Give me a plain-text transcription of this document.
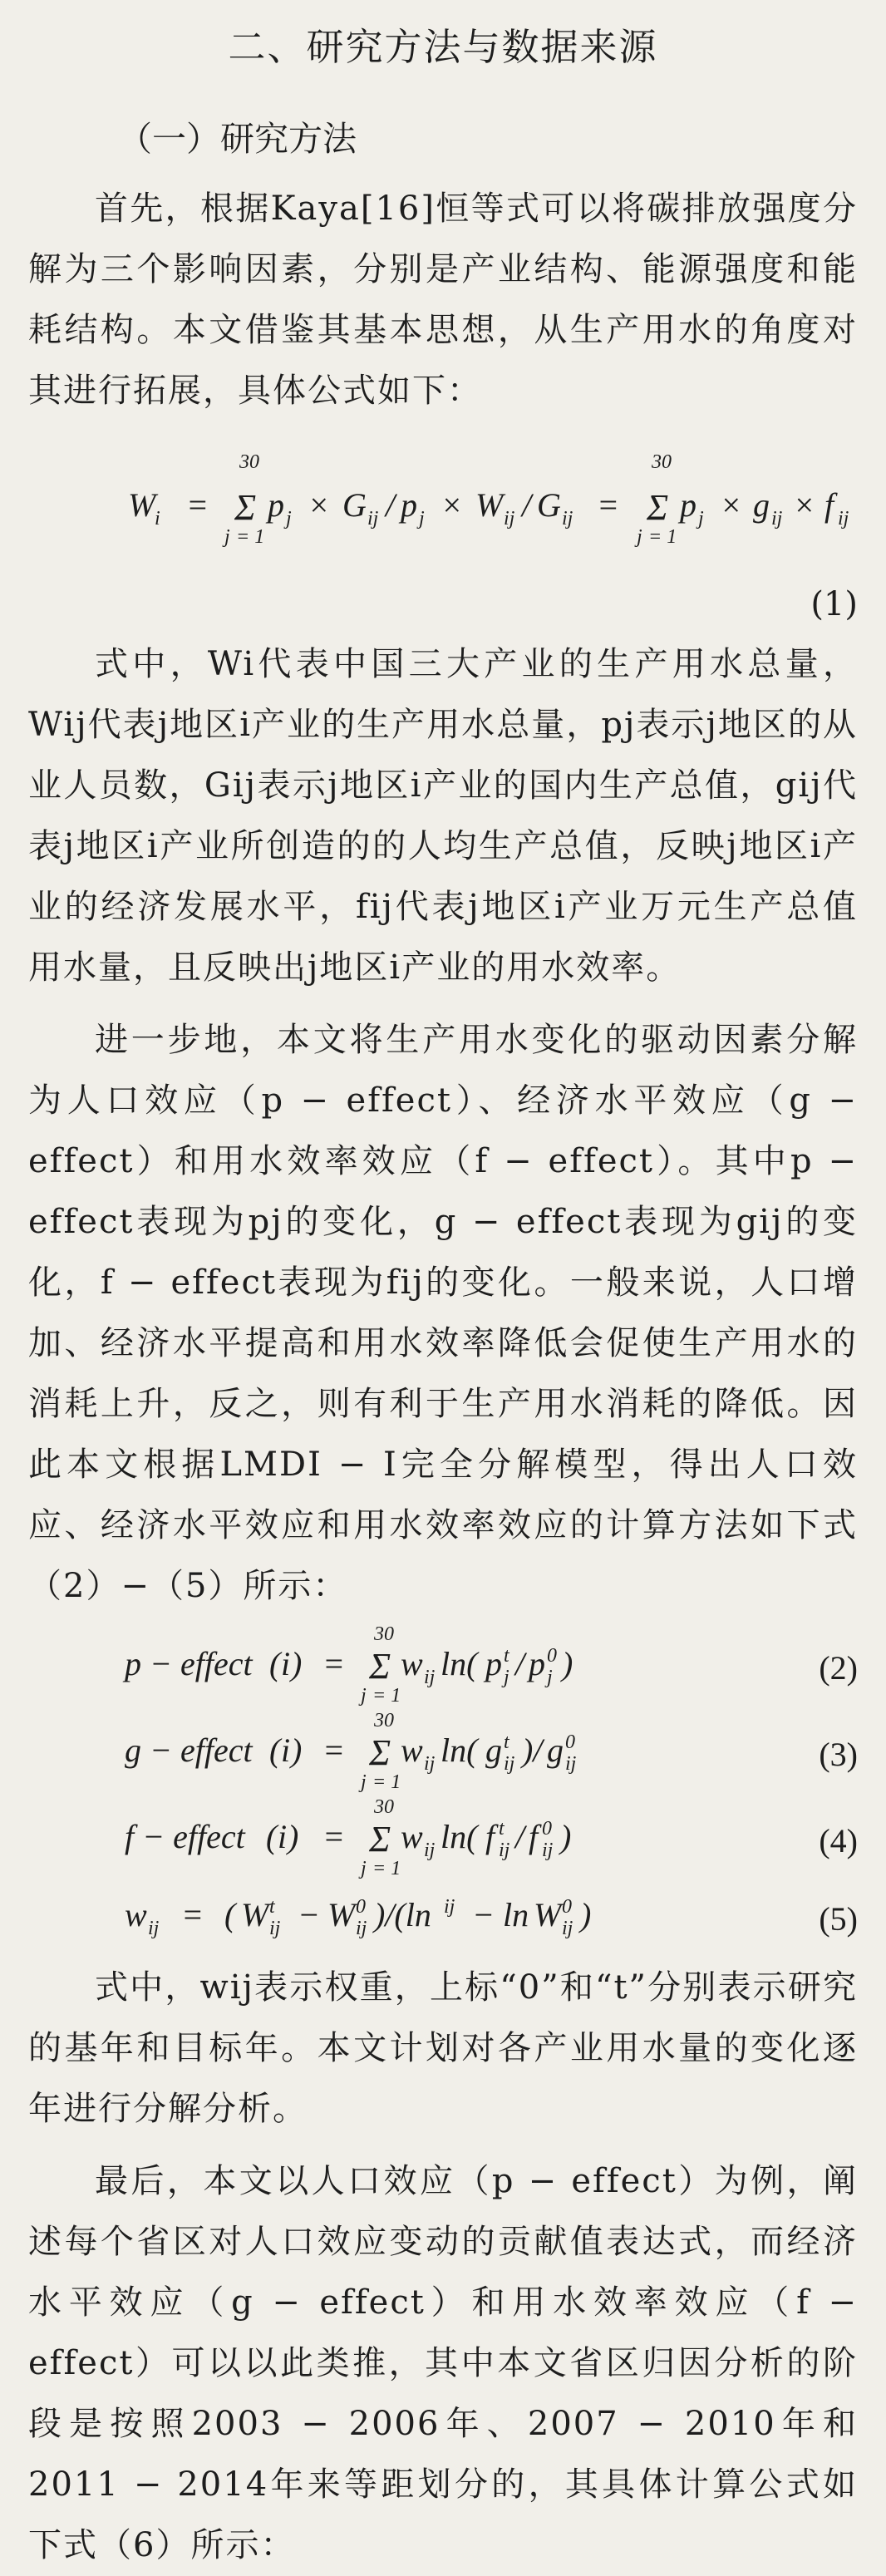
二、研究方法与数据来源
（一）研究方法

首先，根据Kaya[16]恒等式可以将碳排放强度分解为三个影响因素，分别是产业结构、能源强度和能耗结构。本文借鉴其基本思想，从生产用水的角度对其进行拓展，具体公式如下：

W
i =
30
Σ
j = 1
p j × G ij / p j × W ij / G ij =
30
Σ
j = 1
p j × g ij × f ij
(1)

式中，Wi代表中国三大产业的生产用水总量，Wij代表j地区i产业的生产用水总量，pj表示j地区的从业人员数，Gij表示j地区i产业的国内生产总值，gij代表j地区i产业所创造的的人均生产总值，反映j地区i产业的经济发展水平，fij代表j地区i产业万元生产总值用水量，且反映出j地区i产业的用水效率。

进一步地，本文将生产用水变化的驱动因素分解为人口效应（p − effect）、经济水平效应（g − effect）和用水效率效应（f − effect）。其中p − effect表现为pj的变化，g − effect表现为gij的变化，f − effect表现为fij的变化。一般来说，人口增加、经济水平提高和用水效率降低会促使生产用水的消耗上升，反之，则有利于生产用水消耗的降低。因此本文根据LMDI − I完全分解模型，得出人口效应、经济水平效应和用水效率效应的计算方法如下式（2）−（5）所示：

p − effect ( i ) =
30
Σ
j = 1
w ij ln( p t
j / p 0
j )	(2)
g − effect ( i ) =
30
Σ
j = 1
w ij ln( g t
ij )/ g 0
ij	(3)
f − effect ( i ) =
30
Σ
j = 1
w ij ln( f t
ij / f 0
ij )	(4)
w ij = ( W t
ij − W 0
ij )/(ln ij − ln W 0
ij )	(5)

式中，wij表示权重，上标“0”和“t”分别表示研究的基年和目标年。本文计划对各产业用水量的变化逐年进行分解分析。

最后，本文以人口效应（p − effect）为例，阐述每个省区对人口效应变动的贡献值表达式，而经济水平效应（g − effect）和用水效率效应（f − effect）可以以此类推，其中本文省区归因分析的阶段是按照2003 − 2006年、2007 − 2010年和2011 − 2014年来等距划分的，其具体计算公式如下式（6）所示：
